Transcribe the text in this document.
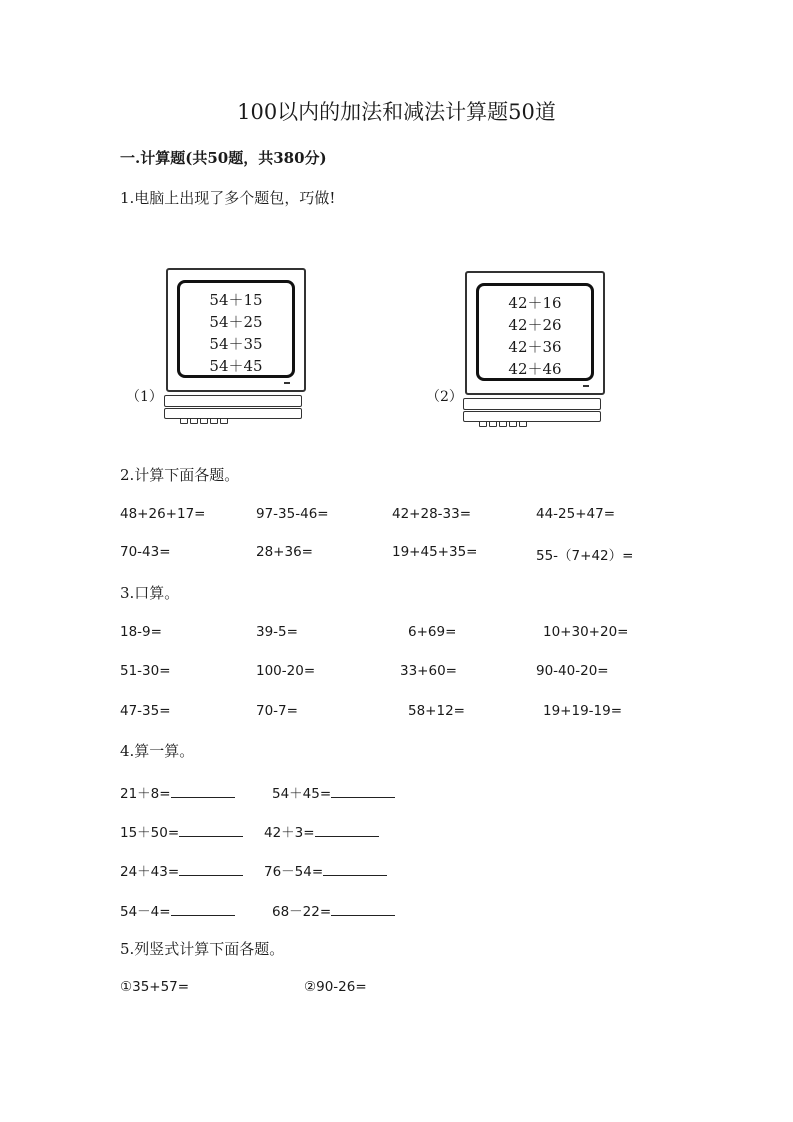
100以内的加法和减法计算题50道
一.计算题(共50题，共380分)
1.电脑上出现了多个题包，巧做!
（1）
54＋15
54＋25
54＋35
54＋45
（2）
42＋16
42＋26
42＋36
42＋46
2.计算下面各题。
48+26+17=	97-35-46=	42+28-33=	44-25+47=
70-43=	28+36=	19+45+35=	55-（7+42）=
3.口算。
18-9=	39-5=	6+69=	10+30+20=
51-30=	100-20=	33+60=	90-40-20=
47-35=	70-7=	58+12=	19+19-19=
4.算一算。
21＋8=	54＋45=
15＋50=	42＋3=
24＋43=	76－54=
54－4=	68－22=
5.列竖式计算下面各题。
①35+57=	②90-26=
